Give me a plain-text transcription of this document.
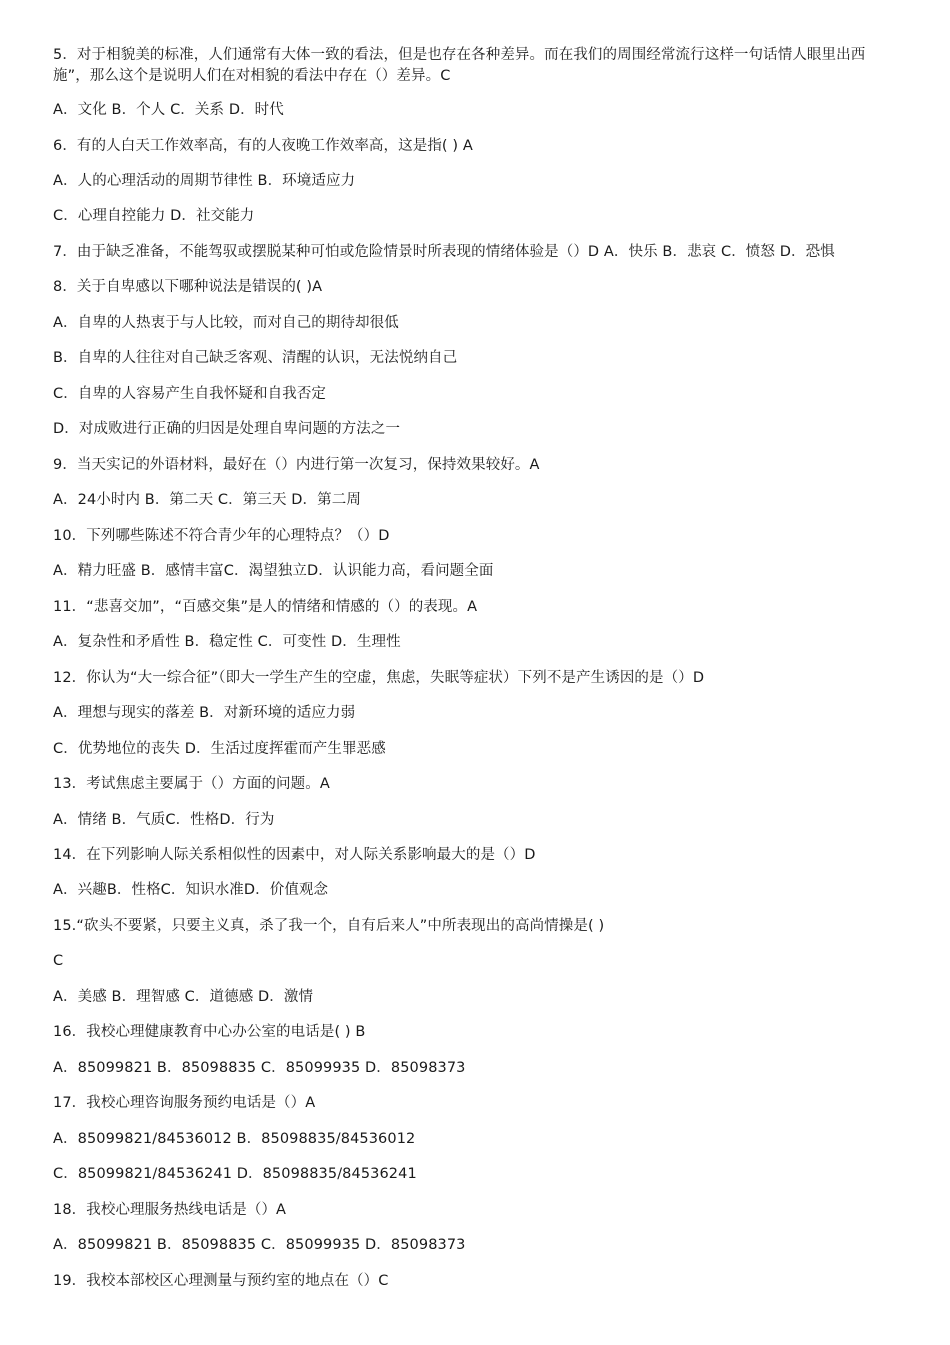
5．对于相貌美的标准，人们通常有大体一致的看法，但是也存在各种差异。而在我们的周围经常流行这样一句话情人眼里出西施”，那么这个是说明人们在对相貌的看法中存在（）差异。C
A．文化 B．个人 C．关系 D．时代
6．有的人白天工作效率高，有的人夜晚工作效率高，这是指( ) A
A．人的心理活动的周期节律性 B．环境适应力
C．心理自控能力 D．社交能力
7．由于缺乏准备，不能驾驭或摆脱某种可怕或危险情景时所表现的情绪体验是（）D A．快乐 B．悲哀 C．愤怒 D．恐惧
8．关于自卑感以下哪种说法是错误的( )A
A．自卑的人热衷于与人比较，而对自己的期待却很低
B．自卑的人往往对自己缺乏客观、清醒的认识，无法悦纳自己
C．自卑的人容易产生自我怀疑和自我否定
D．对成败进行正确的归因是处理自卑问题的方法之一
9．当天实记的外语材料，最好在（）内进行第一次复习，保持效果较好。A
A．24小时内 B．第二天 C．第三天 D．第二周
10．下列哪些陈述不符合青少年的心理特点？（）D
A．精力旺盛 B．感情丰富C．渴望独立D．认识能力高，看问题全面
11．“悲喜交加”，“百感交集”是人的情绪和情感的（）的表现。A
A．复杂性和矛盾性 B．稳定性 C．可变性 D．生理性
12．你认为“大一综合征”（即大一学生产生的空虚，焦虑，失眠等症状）下列不是产生诱因的是（）D
A．理想与现实的落差 B．对新环境的适应力弱
C．优势地位的丧失 D．生活过度挥霍而产生罪恶感
13．考试焦虑主要属于（）方面的问题。A
A．情绪 B．气质C．性格D．行为
14．在下列影响人际关系相似性的因素中，对人际关系影响最大的是（）D
A．兴趣B．性格C．知识水准D．价值观念
15.“砍头不要紧，只要主义真，杀了我一个，自有后来人”中所表现出的高尚情操是( )
C
A．美感 B．理智感 C．道德感 D．激情
16．我校心理健康教育中心办公室的电话是( ) B
A．85099821 B．85098835 C．85099935 D．85098373
17．我校心理咨询服务预约电话是（）A
A．85099821/84536012 B．85098835/84536012
C．85099821/84536241 D．85098835/84536241
18．我校心理服务热线电话是（）A
A．85099821 B．85098835 C．85099935 D．85098373
19．我校本部校区心理测量与预约室的地点在（）C
